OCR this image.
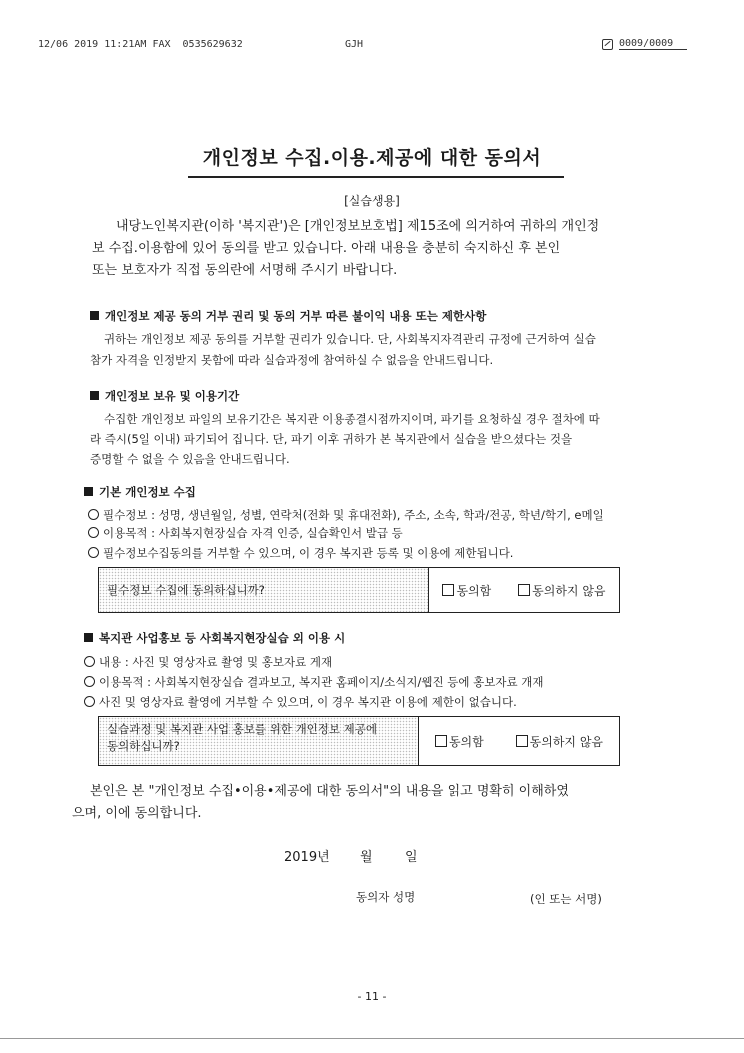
12/06 2019 11:21AM FAX 0535629632	GJH	0009/0009
개인정보 수집.이용.제공에 대한 동의서
[실습생용]
내당노인복지관(이하 '복지관')은 [개인정보보호법] 제15조에 의거하여 귀하의 개인정
보 수집.이용함에 있어 동의를 받고 있습니다. 아래 내용을 충분히 숙지하신 후 본인
또는 보호자가 직접 동의란에 서명해 주시기 바랍니다.
개인정보 제공 동의 거부 권리 및 동의 거부 따른 불이익 내용 또는 제한사항
귀하는 개인정보 제공 동의를 거부할 권리가 있습니다. 단, 사회복지자격관리 규정에 근거하여 실습
참가 자격을 인정받지 못함에 따라 실습과정에 참여하실 수 없음을 안내드립니다.
개인정보 보유 및 이용기간
수집한 개인정보 파일의 보유기간은 복지관 이용종결시점까지이며, 파기를 요청하실 경우 절차에 따
라 즉시(5일 이내) 파기되어 집니다. 단, 파기 이후 귀하가 본 복지관에서 실습을 받으셨다는 것을
증명할 수 없을 수 있음을 안내드립니다.
기본 개인정보 수집
필수정보 : 성명, 생년월일, 성별, 연락처(전화 및 휴대전화), 주소, 소속, 학과/전공, 학년/학기, e메일
이용목적 : 사회복지현장실습 자격 인증, 실습확인서 발급 등
필수정보수집동의를 거부할 수 있으며, 이 경우 복지관 등록 및 이용에 제한됩니다.
필수정보 수집에 동의하십니까?	동의함	동의하지 않음
복지관 사업홍보 등 사회복지현장실습 외 이용 시
내용 : 사진 및 영상자료 촬영 및 홍보자료 게재
이용목적 : 사회복지현장실습 결과보고, 복지관 홈페이지/소식지/웹진 등에 홍보자료 개재
사진 및 영상자료 촬영에 거부할 수 있으며, 이 경우 복지관 이용에 제한이 없습니다.
실습과정 및 복지관 사업 홍보를 위한 개인정보 제공에
동의하십니까?	동의함	동의하지 않음
본인은 본 "개인정보 수집•이용•제공에 대한 동의서"의 내용을 읽고 명확히 이해하였
으며, 이에 동의합니다.
2019년 월 일
동의자 성명	(인 또는 서명)
- 11 -
